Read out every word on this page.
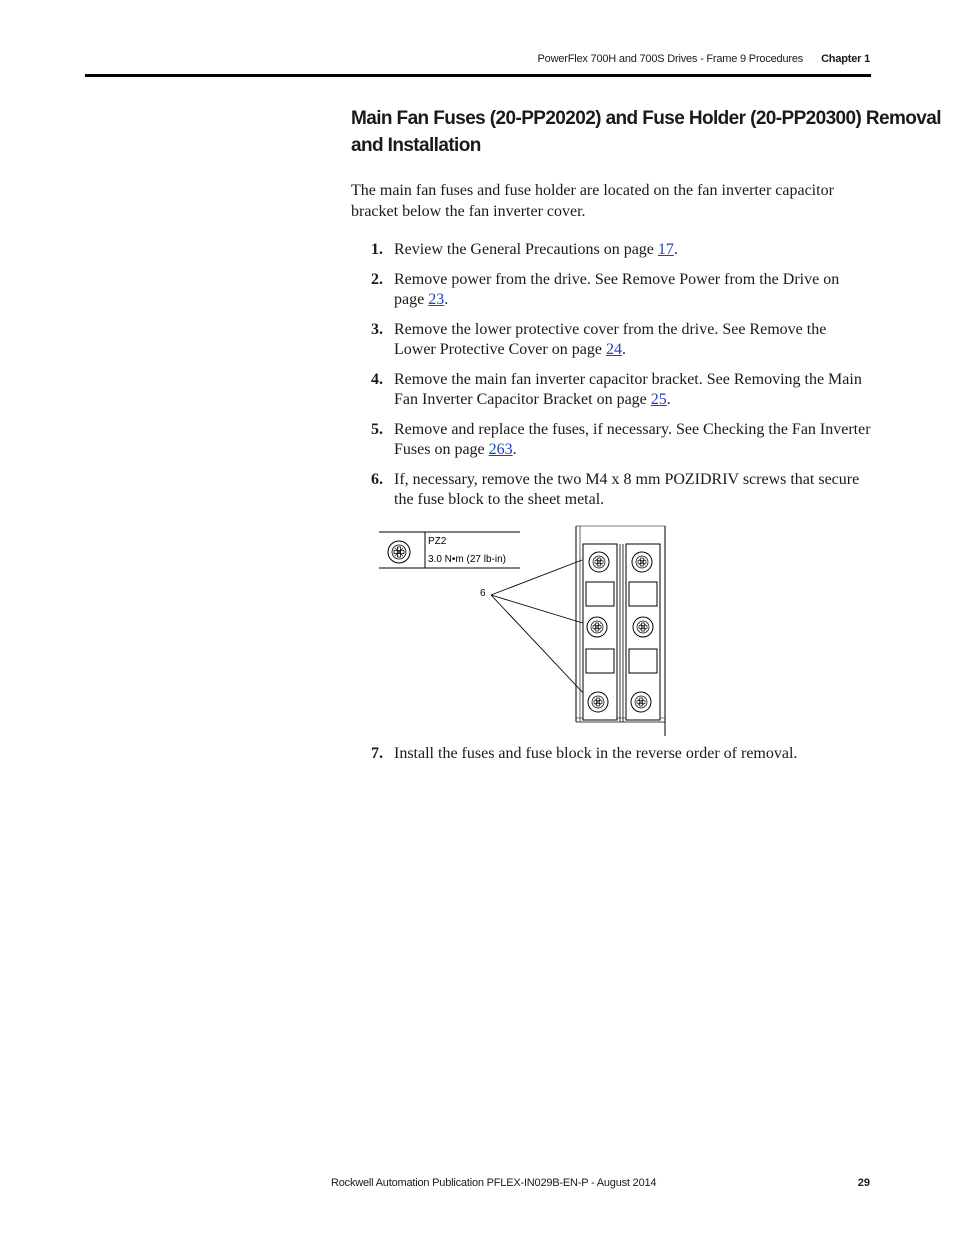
PowerFlex 700H and 700S Drives - Frame 9 Procedures Chapter 1
Main Fan Fuses (20-PP20202) and Fuse Holder (20-PP20300) Removal
and Installation
The main fan fuses and fuse holder are located on the fan inverter capacitor bracket below the fan inverter cover.
1. Review the General Precautions on page 17.
2. Remove power from the drive. See Remove Power from the Drive on page 23.
3. Remove the lower protective cover from the drive. See Remove the Lower Protective Cover on page 24.
4. Remove the main fan inverter capacitor bracket. See Removing the Main Fan Inverter Capacitor Bracket on page 25.
5. Remove and replace the fuses, if necessary. See Checking the Fan Inverter Fuses on page 263.
6. If, necessary, remove the two M4 x 8 mm POZIDRIV screws that secure the fuse block to the sheet metal.
PZ2
3.0 N•m (27 lb-in)
6
7. Install the fuses and fuse block in the reverse order of removal.
Rockwell Automation Publication PFLEX-IN029B-EN-P - August 2014	29
